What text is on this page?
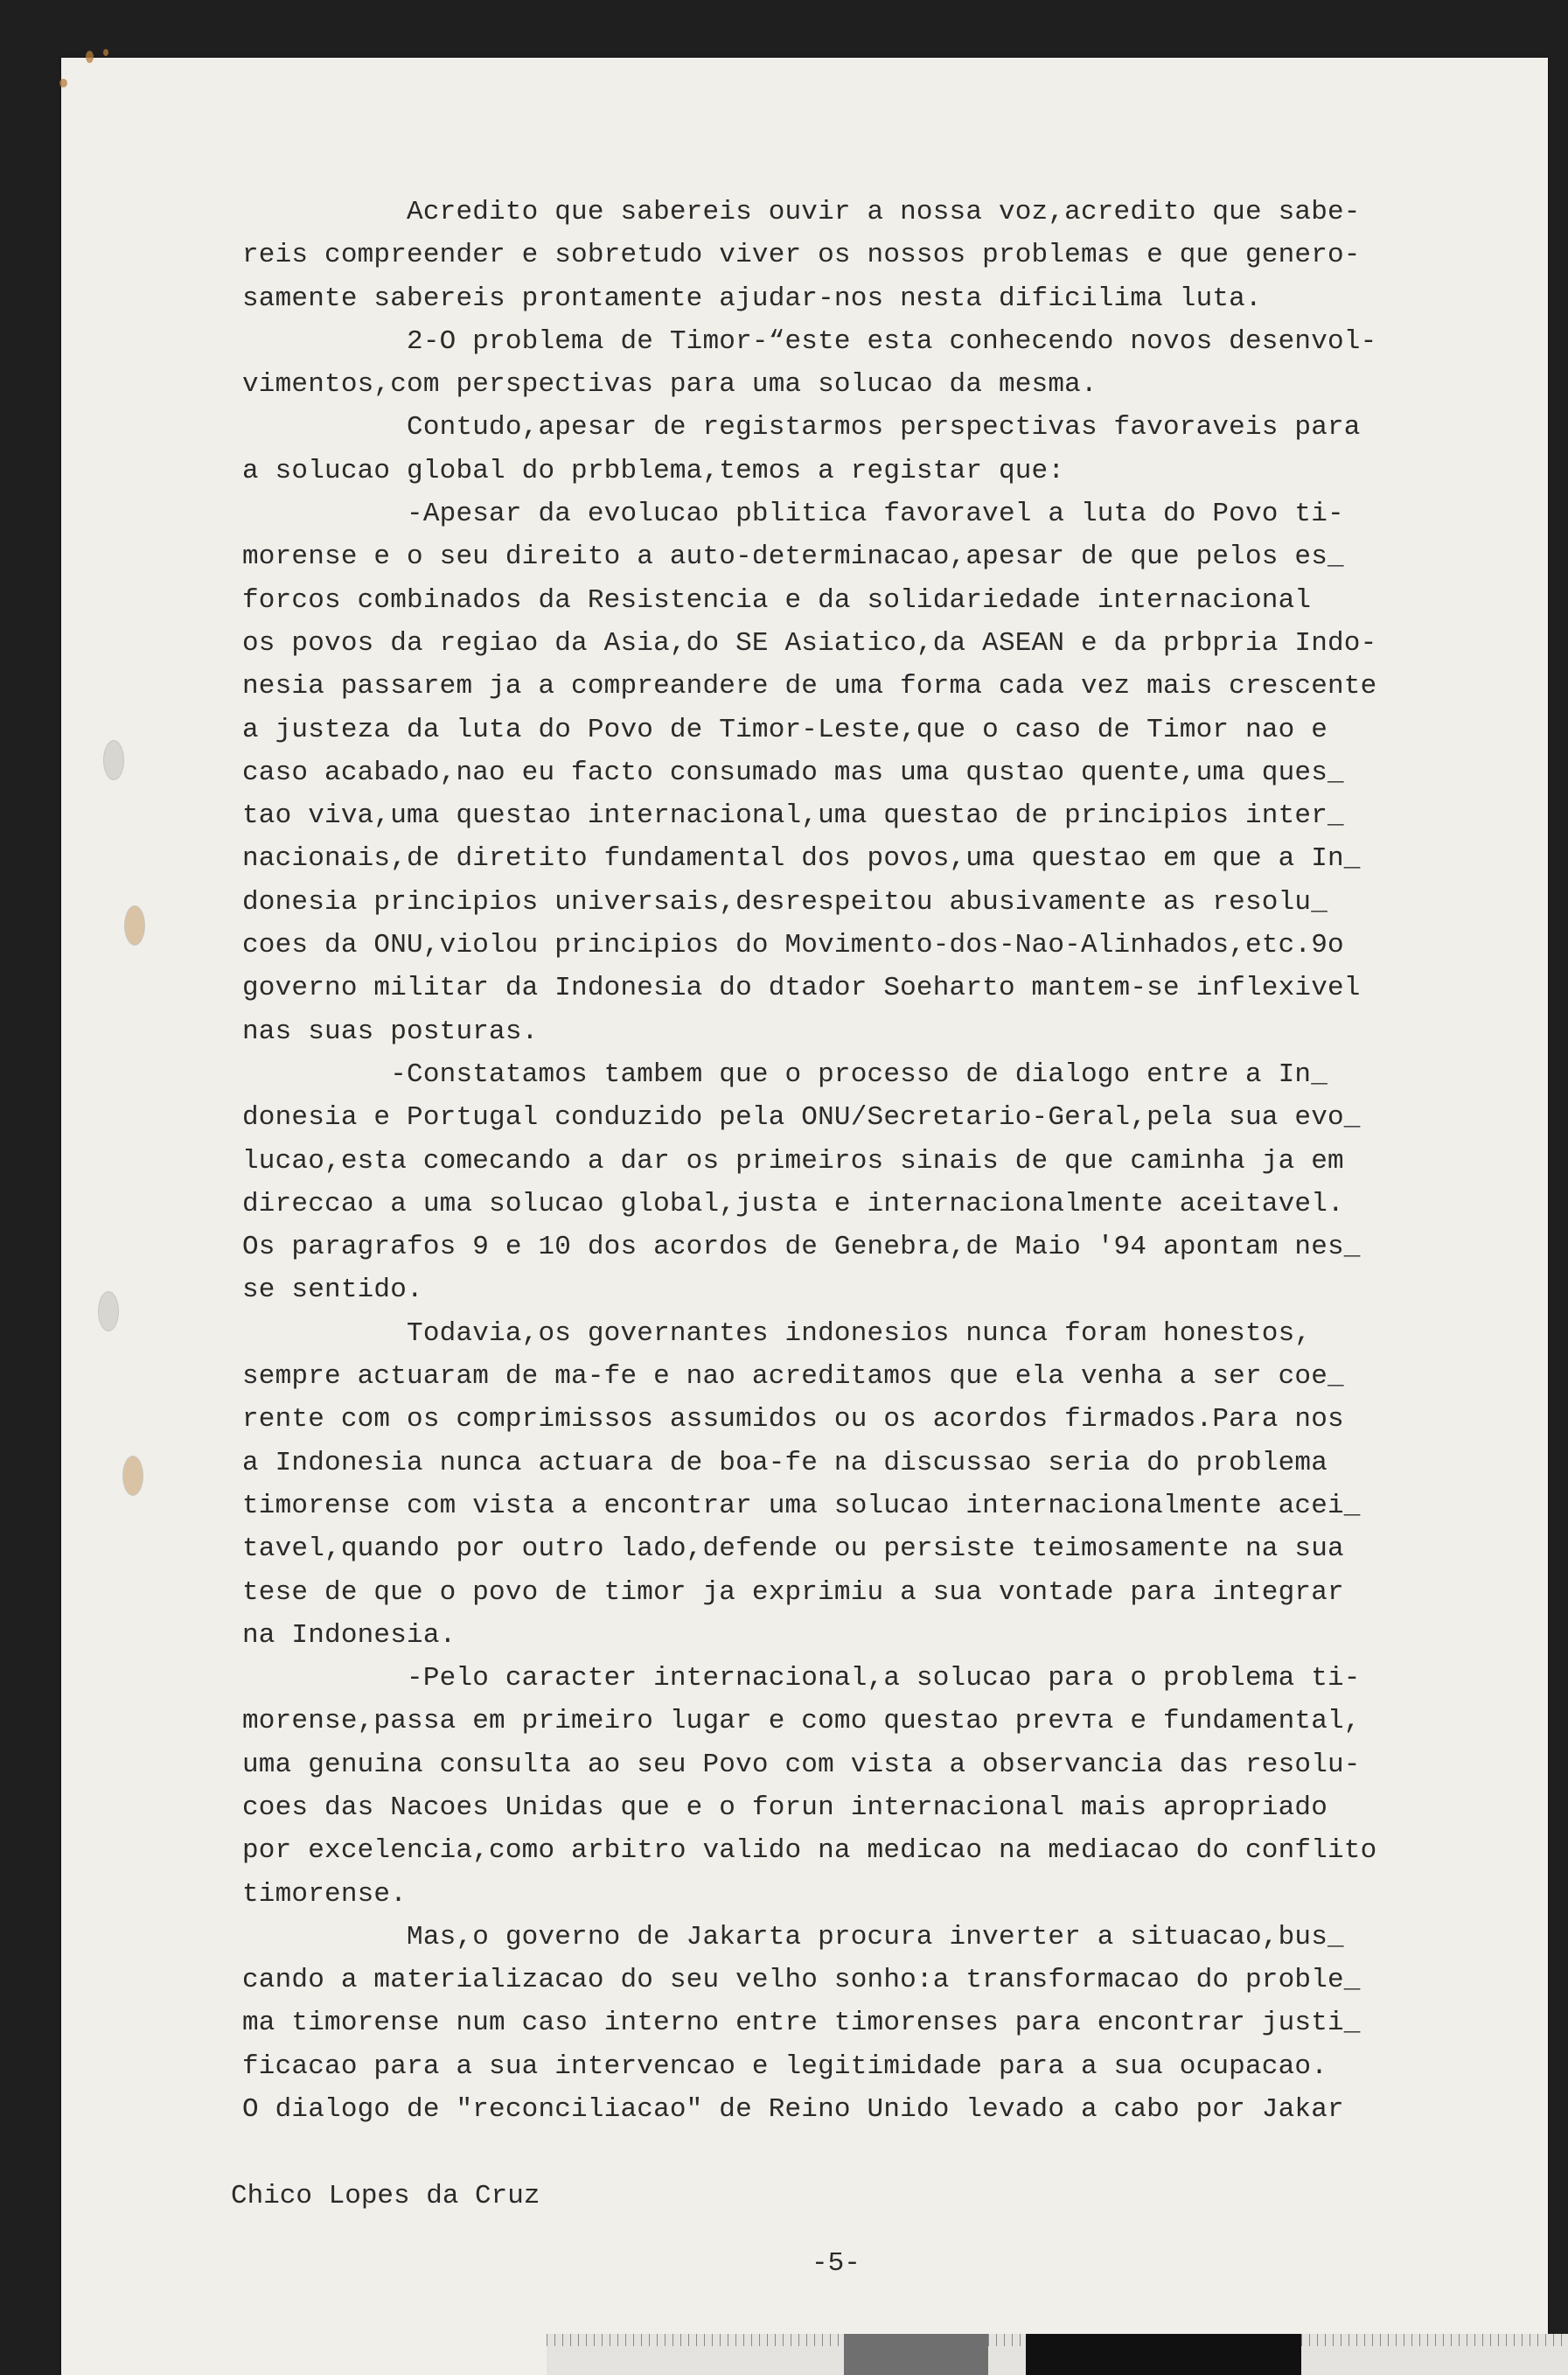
Acredito que sabereis ouvir a nossa voz,acredito que sabe-
reis compreender e sobretudo viver os nossos problemas e que genero-
samente sabereis prontamente ajudar-nos nesta dificilima luta.
2-O problema de Timor-“este esta conhecendo novos desenvol-
vimentos,com perspectivas para uma solucao da mesma.
Contudo,apesar de registarmos perspectivas favoraveis para
a solucao global do prbblema,temos a registar que:
-Apesar da evolucao pblitica favoravel a luta do Povo ti-
morense e o seu direito a auto-determinacao,apesar de que pelos es_
forcos combinados da Resistencia e da solidariedade internacional
os povos da regiao da Asia,do SE Asiatico,da ASEAN e da prbpria Indo-
nesia passarem ja a compreandere de uma forma cada vez mais crescente
a justeza da luta do Povo de Timor-Leste,que o caso de Timor nao e
caso acabado,nao eu facto consumado mas uma qustao quente,uma ques_
tao viva,uma questao internacional,uma questao de principios inter_
nacionais,de diretito fundamental dos povos,uma questao em que a In_
donesia principios universais,desrespeitou abusivamente as resolu_
coes da ONU,violou principios do Movimento-dos-Nao-Alinhados,etc.9o
governo militar da Indonesia do dtador Soeharto mantem-se inflexivel
nas suas posturas.
-Constatamos tambem que o processo de dialogo entre a In_
donesia e Portugal conduzido pela ONU/Secretario-Geral,pela sua evo_
lucao,esta comecando a dar os primeiros sinais de que caminha ja em
direccao a uma solucao global,justa e internacionalmente aceitavel.
Os paragrafos 9 e 10 dos acordos de Genebra,de Maio '94 apontam nes_
se sentido.
Todavia,os governantes indonesios nunca foram honestos,
sempre actuaram de ma-fe e nao acreditamos que ela venha a ser coe_
rente com os comprimissos assumidos ou os acordos firmados.Para nos
a Indonesia nunca actuara de boa-fe na discussao seria do problema
timorense com vista a encontrar uma solucao internacionalmente acei_
tavel,quando por outro lado,defende ou persiste teimosamente na sua
tese de que o povo de timor ja exprimiu a sua vontade para integrar
na Indonesia.
-Pelo caracter internacional,a solucao para o problema ti-
morense,passa em primeiro lugar e como questao prevта e fundamental,
uma genuina consulta ao seu Povo com vista a observancia das resolu-
coes das Nacoes Unidas que e o forun internacional mais apropriado
por excelencia,como arbitro valido na medicao na mediacao do conflito
timorense.
Mas,o governo de Jakarta procura inverter a situacao,bus_
cando a materializacao do seu velho sonho:a transformacao do proble_
ma timorense num caso interno entre timorenses para encontrar justi_
ficacao para a sua intervencao e legitimidade para a sua ocupacao.
O dialogo de "reconciliacao" de Reino Unido levado a cabo por Jakar
Chico Lopes da Cruz
-5-
